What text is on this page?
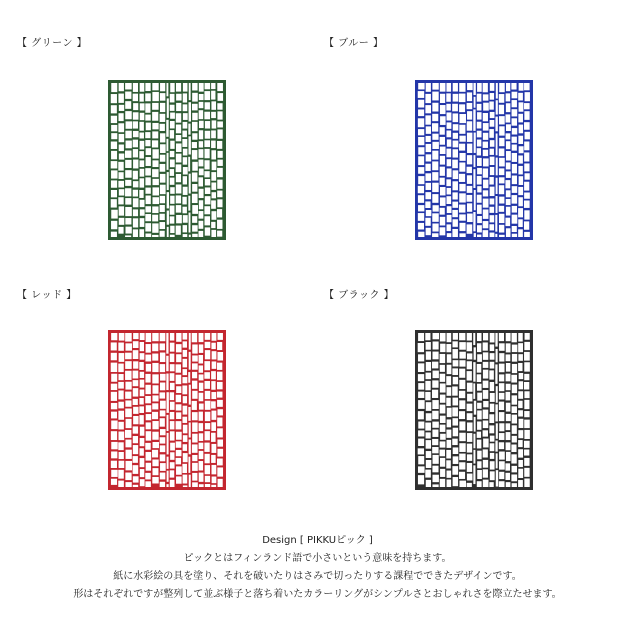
【 グリーン 】	【 ブルー 】
【 レッド 】	【 ブラック 】
Design [ PIKKUピック ]
ピックとはフィンランド語で小さいという意味を持ちます。
紙に水彩絵の具を塗り、それを破いたりはさみで切ったりする課程でできたデザインです。
形はそれぞれですが整列して並ぶ様子と落ち着いたカラーリングがシンプルさとおしゃれさを際立たせます。
